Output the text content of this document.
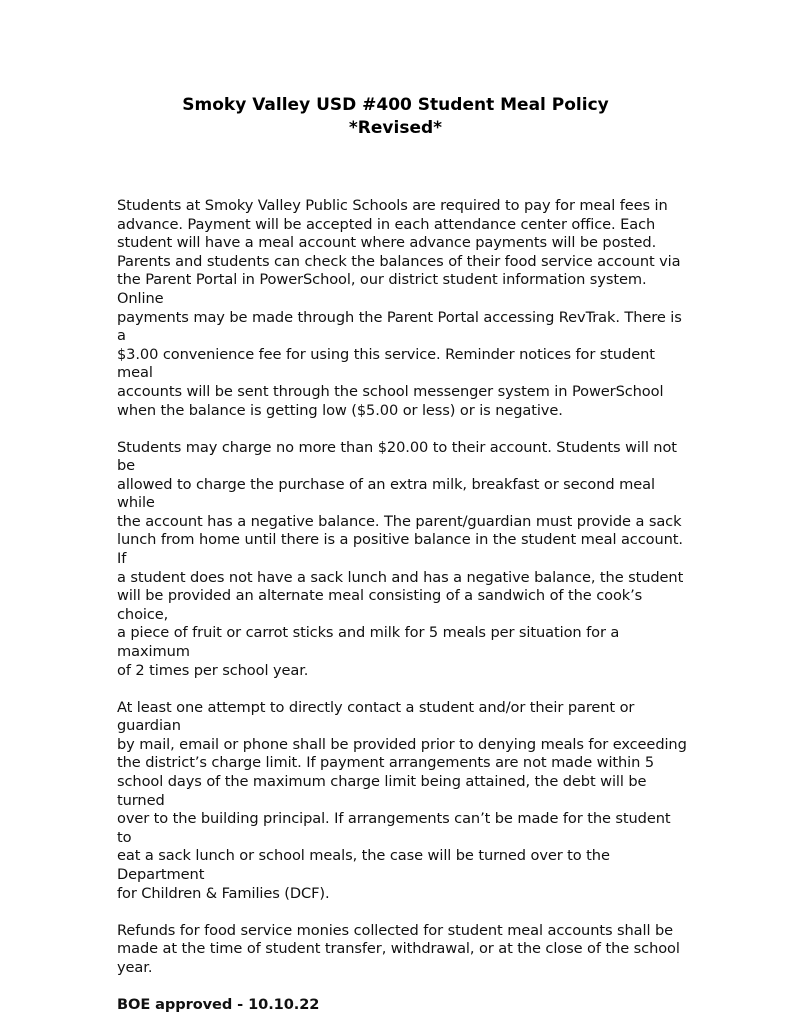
Smoky Valley USD #400 Student Meal Policy
*Revised*

Students at Smoky Valley Public Schools are required to pay for meal fees in
advance. Payment will be accepted in each attendance center office. Each
student will have a meal account where advance payments will be posted.
Parents and students can check the balances of their food service account via
the Parent Portal in PowerSchool, our district student information system. Online
payments may be made through the Parent Portal accessing RevTrak. There is a
$3.00 convenience fee for using this service. Reminder notices for student meal
accounts will be sent through the school messenger system in PowerSchool
when the balance is getting low ($5.00 or less) or is negative.

Students may charge no more than $20.00 to their account. Students will not be
allowed to charge the purchase of an extra milk, breakfast or second meal while
the account has a negative balance. The parent/guardian must provide a sack
lunch from home until there is a positive balance in the student meal account. If
a student does not have a sack lunch and has a negative balance, the student
will be provided an alternate meal consisting of a sandwich of the cook’s choice,
a piece of fruit or carrot sticks and milk for 5 meals per situation for a maximum
of 2 times per school year.

At least one attempt to directly contact a student and/or their parent or guardian
by mail, email or phone shall be provided prior to denying meals for exceeding
the district’s charge limit. If payment arrangements are not made within 5
school days of the maximum charge limit being attained, the debt will be turned
over to the building principal. If arrangements can’t be made for the student to
eat a sack lunch or school meals, the case will be turned over to the Department
for Children & Families (DCF).

Refunds for food service monies collected for student meal accounts shall be
made at the time of student transfer, withdrawal, or at the close of the school
year.

BOE approved - 10.10.22
